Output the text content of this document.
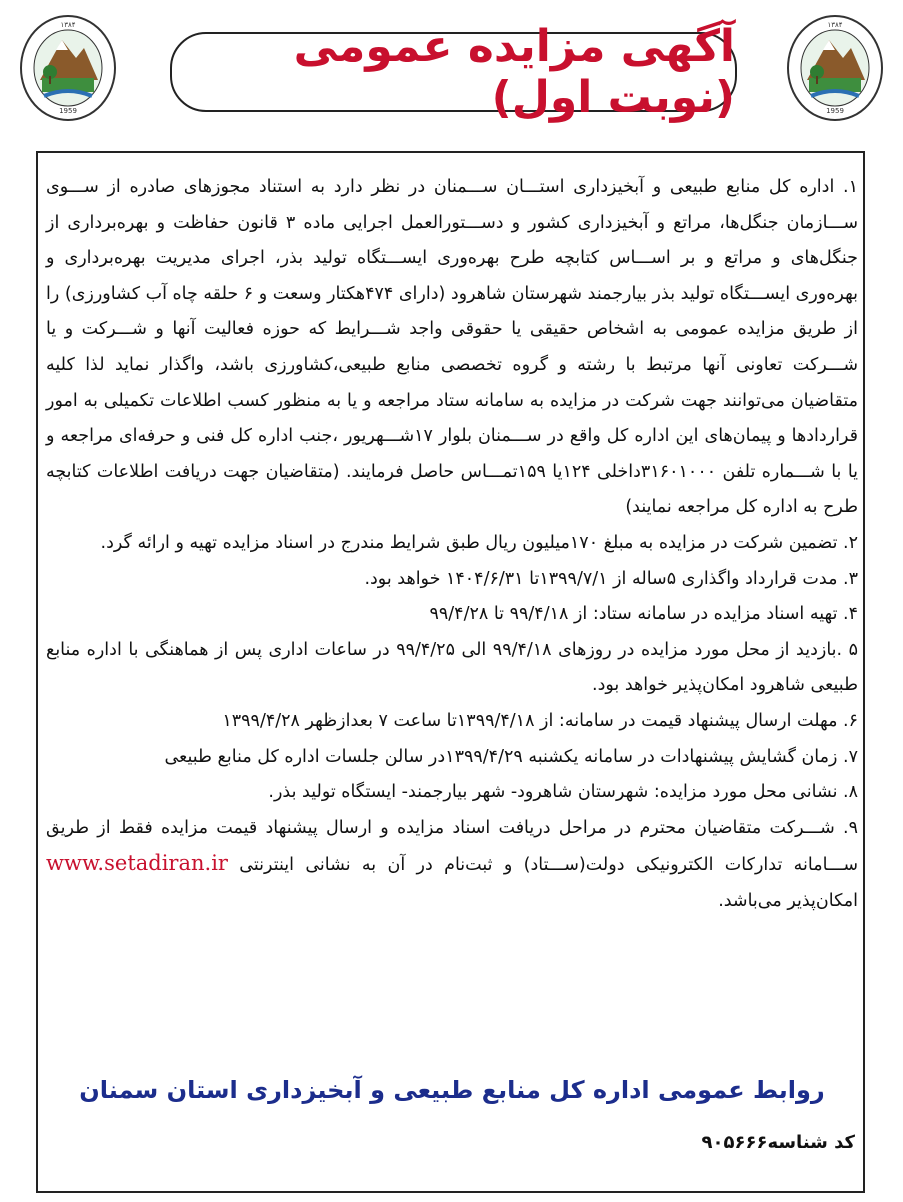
۱۳۸۴
1959
آگهی مزایده عمومی (نوبت اول)
۱۳۸۴
1959

۱. اداره کل منابع طبیعی و آبخیزداری استـــان ســـمنان در نظر دارد به استناد مجوزهای صادره از ســـوی ســـازمان جنگل‌ها، مراتع و آبخیزداری کشور و دســـتورالعمل اجرایی ماده ۳ قانون حفاظت و بهره‌برداری از جنگل‌های و مراتع و بر اســـاس کتابچه طرح بهره‌وری ایســـتگاه تولید بذر، اجرای مدیریت بهره‌برداری و بهره‌وری ایســـتگاه تولید بذر بیارجمند شهرستان شاهرود (دارای ۴۷۴هکتار وسعت و ۶ حلقه چاه آب کشاورزی) را از طریق مزایده عمومی به اشخاص حقیقی یا حقوقی واجد شـــرایط که حوزه فعالیت آنها و شـــرکت و یا شـــرکت تعاونی آنها مرتبط با رشته و گروه تخصصی منابع طبیعی،کشاورزی باشد، واگذار نماید لذا کلیه متقاضیان می‌توانند جهت شرکت در مزایده به سامانه ستاد مراجعه و یا به منظور کسب اطلاعات تکمیلی به امور قراردادها و پیمان‌های این اداره کل واقع در ســـمنان بلوار ۱۷شـــهریور ،جنب اداره کل فنی و حرفه‌ای مراجعه و یا با شـــماره تلفن ۳۱۶۰۱۰۰۰داخلی ۱۲۴یا ۱۵۹تمـــاس حاصل فرمایند. (متقاضیان جهت دریافت اطلاعات کتابچه طرح به اداره کل مراجعه نمایند)

۲. تضمین شرکت در مزایده به مبلغ ۱۷۰میلیون ریال طبق شرایط مندرج در اسناد مزایده تهیه و ارائه گرد.

۳. مدت قرارداد واگذاری ۵ساله از ۱۳۹۹/۷/۱تا ۱۴۰۴/۶/۳۱ خواهد بود.

۴. تهیه اسناد مزایده در سامانه ستاد: از ۹۹/۴/۱۸ تا ۹۹/۴/۲۸

۵ .بازدید از محل مورد مزایده در روزهای ۹۹/۴/۱۸ الی ۹۹/۴/۲۵ در ساعات اداری پس از هماهنگی با اداره منابع طبیعی شاهرود امکان‌پذیر خواهد بود.

۶. مهلت ارسال پیشنهاد قیمت در سامانه: از ۱۳۹۹/۴/۱۸تا ساعت ۷ بعدازظهر ۱۳۹۹/۴/۲۸

۷. زمان گشایش پیشنهادات در سامانه یکشنبه ۱۳۹۹/۴/۲۹در سالن جلسات اداره کل منابع طبیعی

۸. نشانی محل مورد مزایده: شهرستان شاهرود- شهر بیارجمند- ایستگاه تولید بذر.

۹. شـــرکت متقاضیان محترم در مراحل دریافت اسناد مزایده و ارسال پیشنهاد قیمت مزایده فقط از طریق ســـامانه تدارکات الکترونیکی دولت(ســـتاد) و ثبت‌نام در آن به نشانی اینترنتی www.setadiran.ir امکان‌پذیر می‌باشد.

روابط عمومی اداره کل منابع طبیعی و آبخیزداری استان سمنان
کد شناسه۹۰۵۶۶۶
